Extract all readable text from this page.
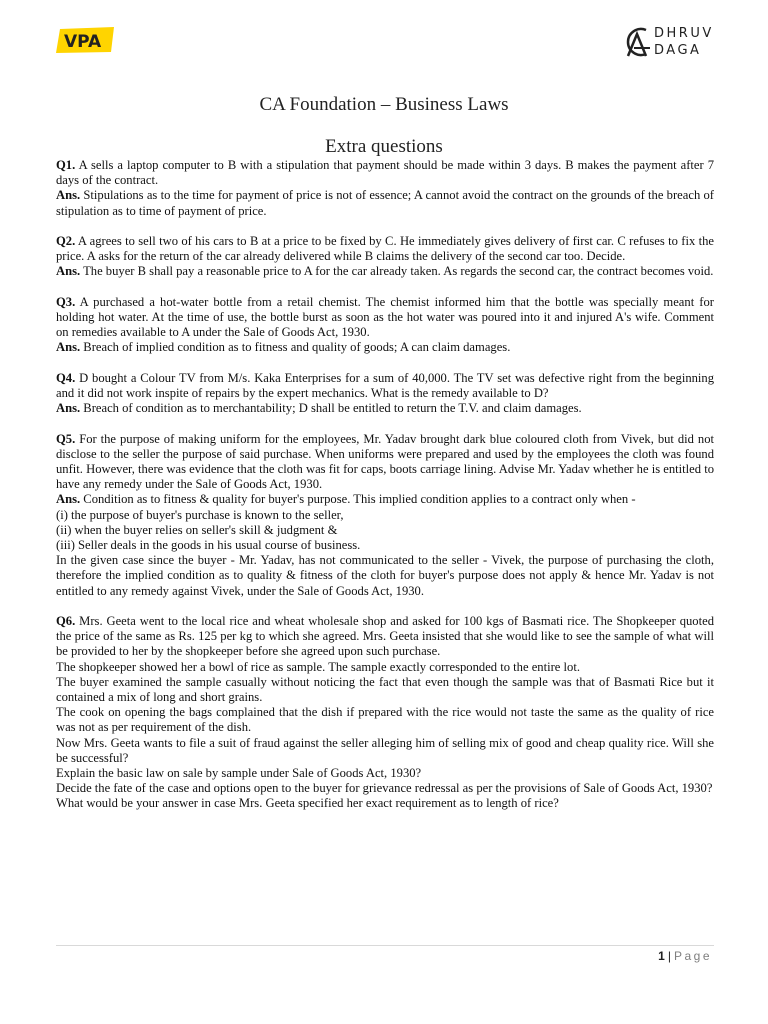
VPA	DHRUV
DAGA
CA Foundation – Business Laws
Extra questions

Q1. A sells a laptop computer to B with a stipulation that payment should be made within 3 days. B makes the payment after 7 days of the contract.

Ans. Stipulations as to the time for payment of price is not of essence; A cannot avoid the contract on the grounds of the breach of stipulation as to time of payment of price.

Q2. A agrees to sell two of his cars to B at a price to be fixed by C. He immediately gives delivery of first car. C refuses to fix the price. A asks for the return of the car already delivered while B claims the delivery of the second car too. Decide.

Ans. The buyer B shall pay a reasonable price to A for the car already taken. As regards the second car, the contract becomes void.

Q3. A purchased a hot-water bottle from a retail chemist. The chemist informed him that the bottle was specially meant for holding hot water. At the time of use, the bottle burst as soon as the hot water was poured into it and injured A's wife. Comment on remedies available to A under the Sale of Goods Act, 1930.

Ans. Breach of implied condition as to fitness and quality of goods; A can claim damages.

Q4. D bought a Colour TV from M/s. Kaka Enterprises for a sum of 40,000. The TV set was defective right from the beginning and it did not work inspite of repairs by the expert mechanics. What is the remedy available to D?

Ans. Breach of condition as to merchantability; D shall be entitled to return the T.V. and claim damages.

Q5. For the purpose of making uniform for the employees, Mr. Yadav brought dark blue coloured cloth from Vivek, but did not disclose to the seller the purpose of said purchase. When uniforms were prepared and used by the employees the cloth was found unfit. However, there was evidence that the cloth was fit for caps, boots carriage lining. Advise Mr. Yadav whether he is entitled to have any remedy under the Sale of Goods Act, 1930.

Ans. Condition as to fitness & quality for buyer's purpose. This implied condition applies to a contract only when -

(i) the purpose of buyer's purchase is known to the seller,

(ii) when the buyer relies on seller's skill & judgment &

(iii) Seller deals in the goods in his usual course of business.

In the given case since the buyer - Mr. Yadav, has not communicated to the seller - Vivek, the purpose of purchasing the cloth, therefore the implied condition as to quality & fitness of the cloth for buyer's purpose does not apply & hence Mr. Yadav is not entitled to any remedy against Vivek, under the Sale of Goods Act, 1930.

Q6. Mrs. Geeta went to the local rice and wheat wholesale shop and asked for 100 kgs of Basmati rice. The Shopkeeper quoted the price of the same as Rs. 125 per kg to which she agreed. Mrs. Geeta insisted that she would like to see the sample of what will be provided to her by the shopkeeper before she agreed upon such purchase.

The shopkeeper showed her a bowl of rice as sample. The sample exactly corresponded to the entire lot.

The buyer examined the sample casually without noticing the fact that even though the sample was that of Basmati Rice but it contained a mix of long and short grains.

The cook on opening the bags complained that the dish if prepared with the rice would not taste the same as the quality of rice was not as per requirement of the dish.

Now Mrs. Geeta wants to file a suit of fraud against the seller alleging him of selling mix of good and cheap quality rice. Will she be successful?

Explain the basic law on sale by sample under Sale of Goods Act, 1930?

Decide the fate of the case and options open to the buyer for grievance redressal as per the provisions of Sale of Goods Act, 1930?

What would be your answer in case Mrs. Geeta specified her exact requirement as to length of rice?

1 | Page
